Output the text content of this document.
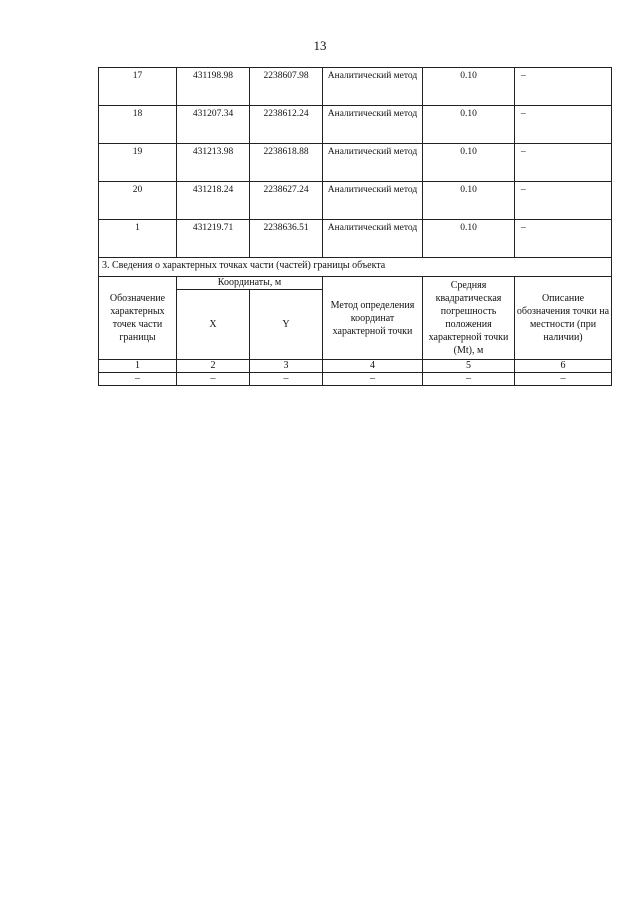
13
17	431198.98	2238607.98	Аналитический метод	0.10	–
18	431207.34	2238612.24	Аналитический метод	0.10	–
19	431213.98	2238618.88	Аналитический метод	0.10	–
20	431218.24	2238627.24	Аналитический метод	0.10	–
1	431219.71	2238636.51	Аналитический метод	0.10	–
3. Сведения о характерных точках части (частей) границы объекта					
Обозначение характерных точек части границы	Координаты, м		Метод определения координат характерной точки	Средняя квадратическая погрешность положения характерной точки (Mt), м	Описание обозначения точки на местности (при наличии)
	X	Y			
1	2	3	4	5	6
–	–	–	–	–	–
